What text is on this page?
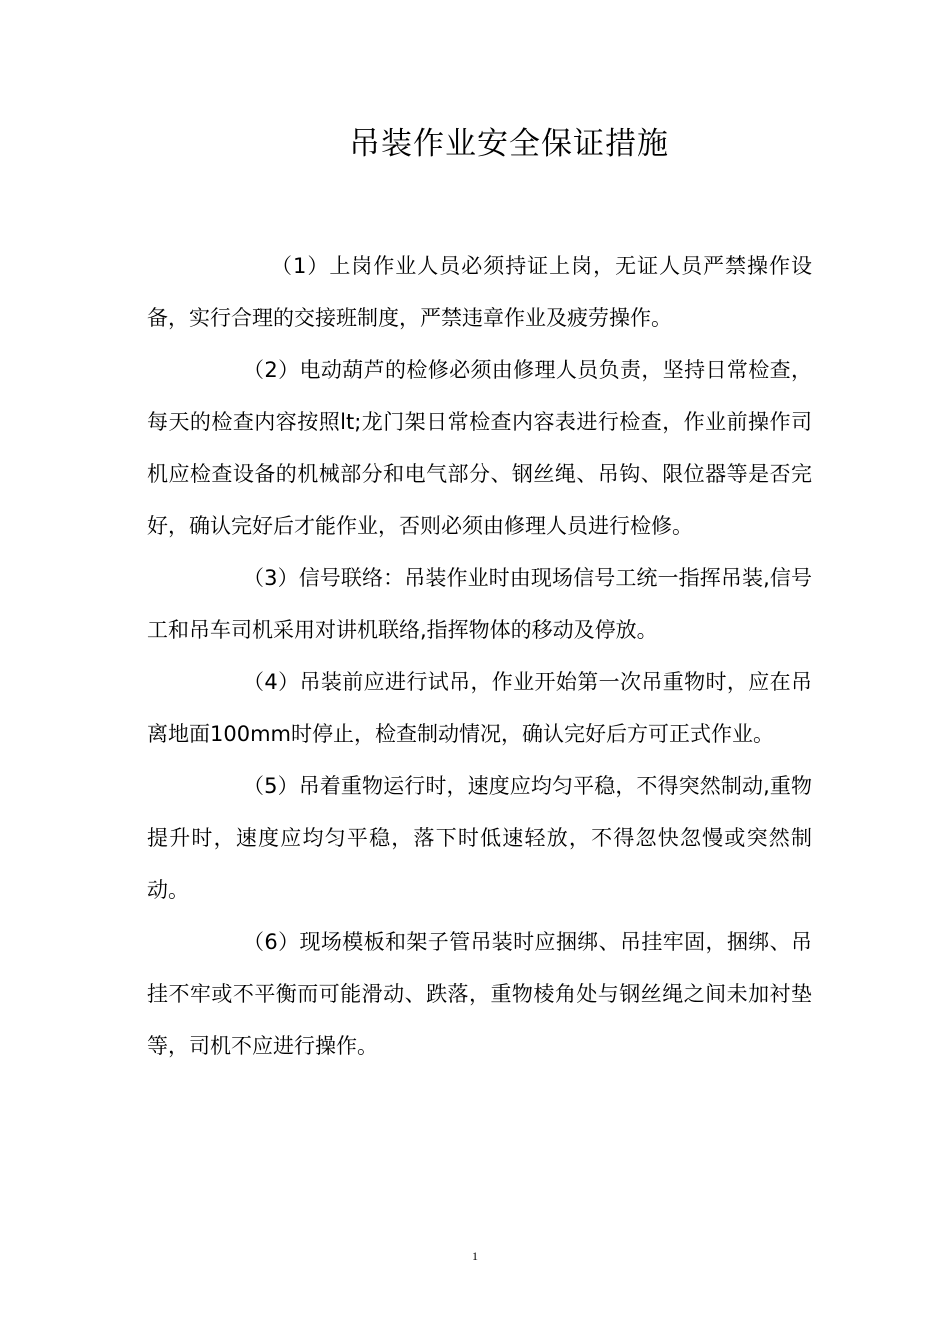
吊装作业安全保证措施

（1）上岗作业人员必须持证上岗，无证人员严禁操作设备，实行合理的交接班制度，严禁违章作业及疲劳操作。

（2）电动葫芦的检修必须由修理人员负责，坚持日常检查，每天的检查内容按照lt;龙门架日常检查内容表进行检查，作业前操作司机应检查设备的机械部分和电气部分、钢丝绳、吊钩、限位器等是否完好，确认完好后才能作业，否则必须由修理人员进行检修。

（3）信号联络：吊装作业时由现场信号工统一指挥吊装,信号工和吊车司机采用对讲机联络,指挥物体的移动及停放。

（4）吊装前应进行试吊，作业开始第一次吊重物时，应在吊离地面100mm时停止，检查制动情况，确认完好后方可正式作业。

（5）吊着重物运行时，速度应均匀平稳，不得突然制动,重物提升时，速度应均匀平稳，落下时低速轻放，不得忽快忽慢或突然制动。

（6）现场模板和架子管吊装时应捆绑、吊挂牢固，捆绑、吊挂不牢或不平衡而可能滑动、跌落，重物棱角处与钢丝绳之间未加衬垫等，司机不应进行操作。

1
